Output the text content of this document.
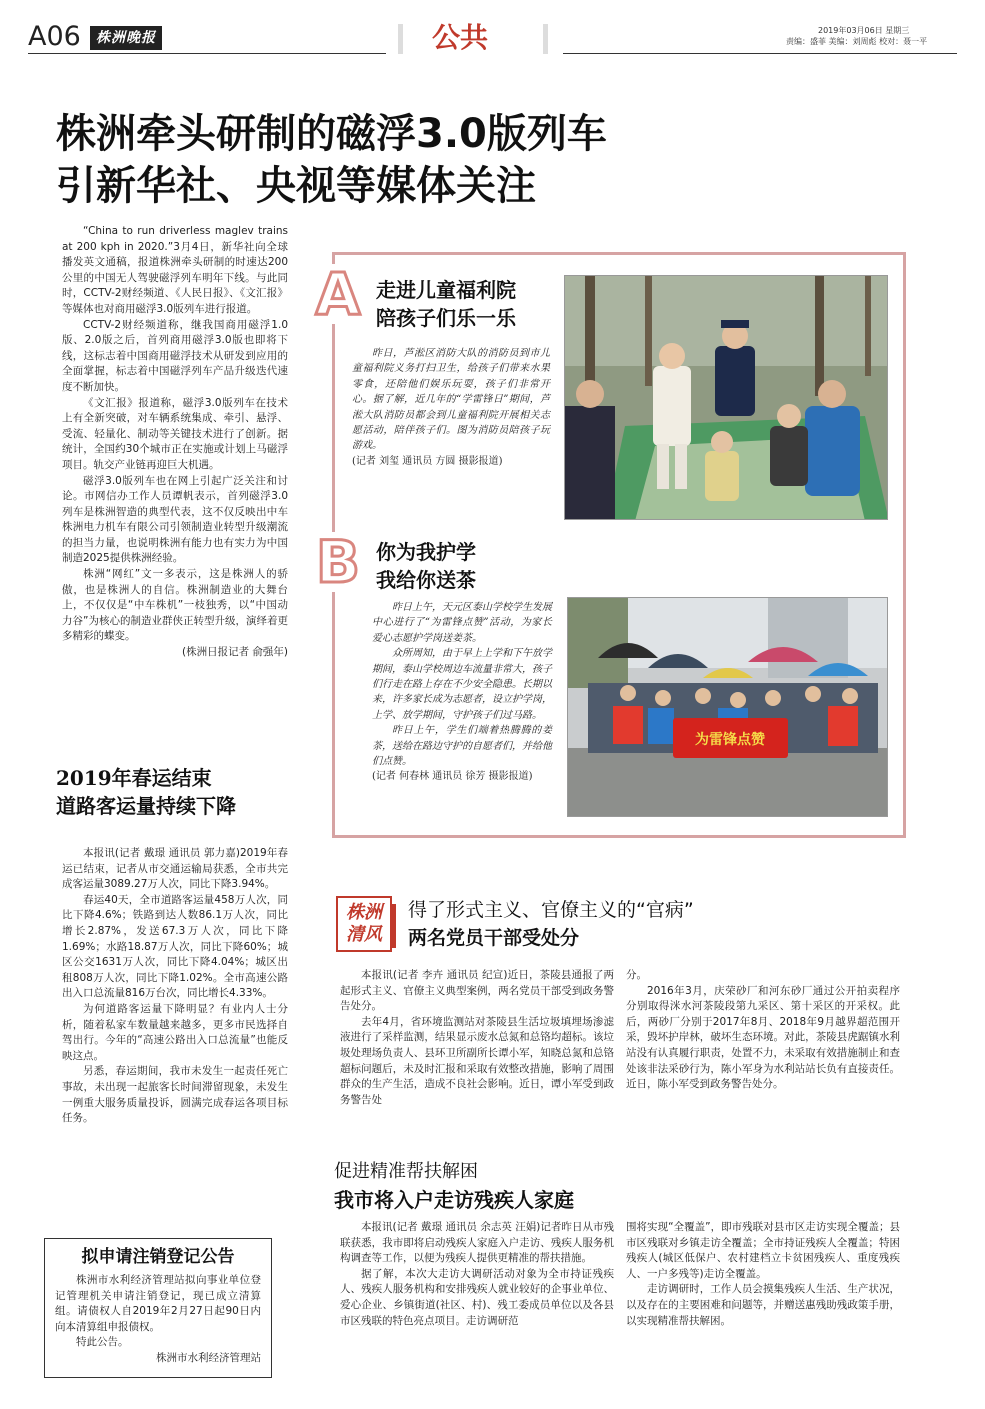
A06	株洲晚报	公共	2019年03月06日 星期三
责编：盛菲 美编：刘周彪 校对：聂一平
株洲牵头研制的磁浮3.0版列车
引新华社、央视等媒体关注

“China to run driverless maglev trains at 200 kph in 2020.”3月4日，新华社向全球播发英文通稿，报道株洲牵头研制的时速达200公里的中国无人驾驶磁浮列车明年下线。与此同时，CCTV-2财经频道、《人民日报》、《文汇报》等媒体也对商用磁浮3.0版列车进行报道。

CCTV-2财经频道称，继我国商用磁浮1.0版、2.0版之后，首列商用磁浮3.0版也即将下线，这标志着中国商用磁浮技术从研发到应用的全面掌握，标志着中国磁浮列车产品升级迭代速度不断加快。

《文汇报》报道称，磁浮3.0版列车在技术上有全新突破，对车辆系统集成、牵引、悬浮、受流、轻量化、制动等关键技术进行了创新。据统计，全国约30个城市正在实施或计划上马磁浮项目。轨交产业链再迎巨大机遇。

磁浮3.0版列车也在网上引起广泛关注和讨论。市网信办工作人员谭帆表示，首列磁浮3.0列车是株洲智造的典型代表，这不仅反映出中车株洲电力机车有限公司引领制造业转型升级潮流的担当力量，也说明株洲有能力也有实力为中国制造2025提供株洲经验。

株洲“网红”文一多表示，这是株洲人的骄傲，也是株洲人的自信。株洲制造业的大舞台上，不仅仅是“中车株机”一枝独秀，以“中国动力谷”为核心的制造业群侠正转型升级，演绎着更多精彩的蝶变。

(株洲日报记者 俞强年)
2019年春运结束
道路客运量持续下降

本报讯(记者 戴璟 通讯员 郭力嘉)2019年春运已结束，记者从市交通运输局获悉，全市共完成客运量3089.27万人次，同比下降3.94%。

春运40天，全市道路客运量458万人次，同比下降4.6%；铁路到达人数86.1万人次，同比增长2.87%，发送67.3万人次，同比下降1.69%；水路18.87万人次，同比下降60%；城区公交1631万人次，同比下降4.04%；城区出租808万人次，同比下降1.02%。全市高速公路出入口总流量816万台次，同比增长4.33%。

为何道路客运量下降明显？有业内人士分析，随着私家车数量越来越多，更多市民选择自驾出行。今年的“高速公路出入口总流量”也能反映这点。

另悉，春运期间，我市未发生一起责任死亡事故，未出现一起旅客长时间滞留现象，未发生一例重大服务质量投诉，圆满完成春运各项目标任务。

拟申请注销登记公告

株洲市水利经济管理站拟向事业单位登记管理机关申请注销登记，现已成立清算组。请债权人自2019年2月27日起90日内向本清算组申报债权。

特此公告。

株洲市水利经济管理站
A 走进儿童福利院
陪孩子们乐一乐

昨日，芦淞区消防大队的消防员到市儿童福利院义务打扫卫生，给孩子们带来水果零食，还陪他们娱乐玩耍，孩子们非常开心。据了解，近几年的“学雷锋日”期间，芦淞大队消防员都会到儿童福利院开展相关志愿活动，陪伴孩子们。图为消防员陪孩子玩游戏。

(记者 刘玺 通讯员 方圆 摄影报道)
B 你为我护学
我给你送茶

昨日上午，天元区泰山学校学生发展中心进行了“为雷锋点赞”活动，为家长爱心志愿护学岗送姜茶。

众所周知，由于早上上学和下午放学期间，泰山学校周边车流量非常大，孩子们行走在路上存在不少安全隐患。长期以来，许多家长成为志愿者，设立护学岗，上学、放学期间，守护孩子们过马路。

昨日上午，学生们端着热腾腾的姜茶，送给在路边守护的自愿者们，并给他们点赞。

(记者 何春林 通讯员 徐芳 摄影报道)
为雷锋点赞
株洲清风
得了形式主义、官僚主义的“官病”
两名党员干部受处分

本报讯(记者 李卉 通讯员 纪宣)近日，茶陵县通报了两起形式主义、官僚主义典型案例，两名党员干部受到政务警告处分。

去年4月，省环境监测站对茶陵县生活垃圾填埋场渗滤液进行了采样监测，结果显示废水总氮和总铬均超标。该垃圾处理场负责人、县环卫所副所长谭小军，知晓总氮和总铬超标问题后，未及时汇报和采取有效整改措施，影响了周围群众的生产生活，造成不良社会影响。近日，谭小军受到政务警告处

分。

2016年3月，庆荣砂厂和河东砂厂通过公开拍卖程序分别取得洣水河茶陵段第九采区、第十采区的开采权。此后，两砂厂分别于2017年8月、2018年9月越界超范围开采，毁坏护岸林，破坏生态环境。对此，茶陵县虎踞镇水利站没有认真履行职责，处置不力，未采取有效措施制止和查处该非法采砂行为，陈小军身为水利站站长负有直接责任。近日，陈小军受到政务警告处分。

促进精准帮扶解困
我市将入户走访残疾人家庭

本报讯(记者 戴璟 通讯员 余志英 汪娟)记者昨日从市残联获悉，我市即将启动残疾人家庭入户走访、残疾人服务机构调查等工作，以便为残疾人提供更精准的帮扶措施。

据了解，本次大走访大调研活动对象为全市持证残疾人、残疾人服务机构和安排残疾人就业较好的企事业单位、爱心企业、乡镇街道(社区、村)、残工委成员单位以及各县市区残联的特色亮点项目。走访调研范

围将实现“全覆盖”，即市残联对县市区走访实现全覆盖；县市区残联对乡镇走访全覆盖；全市持证残疾人全覆盖；特困残疾人(城区低保户、农村建档立卡贫困残疾人、重度残疾人、一户多残等)走访全覆盖。

走访调研时，工作人员会摸集残疾人生活、生产状况，以及存在的主要困难和问题等，并赠送惠残助残政策手册，以实现精准帮扶解困。
